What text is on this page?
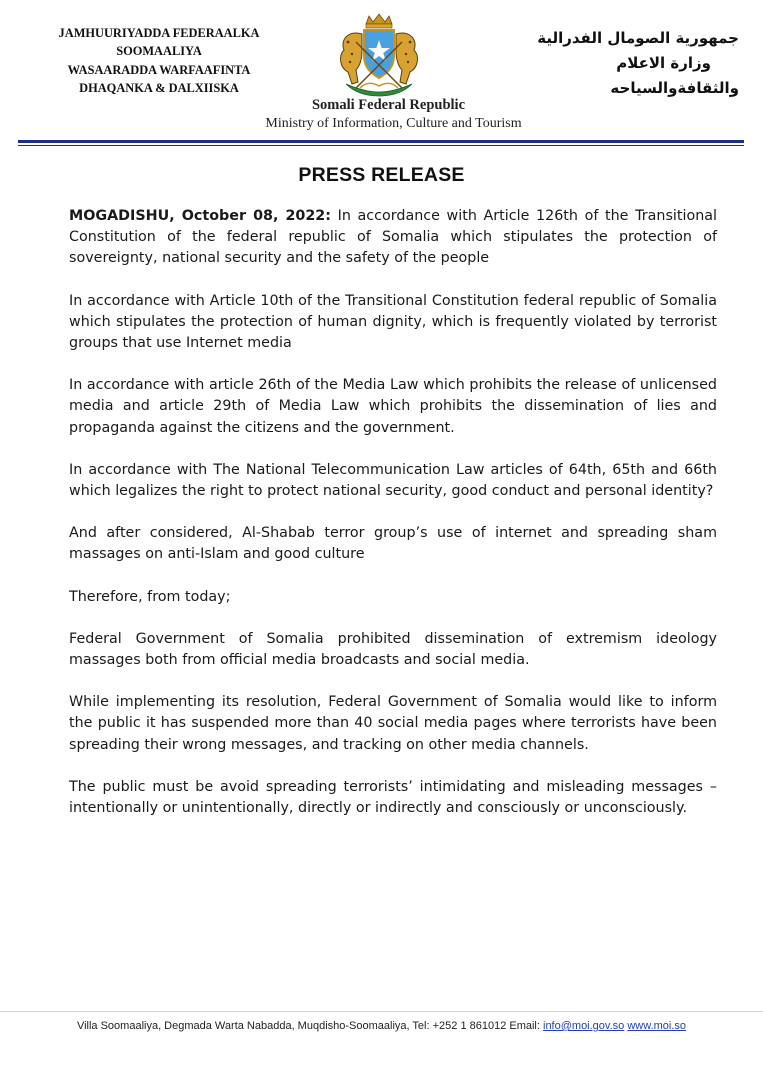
JAMHUURIYADDA FEDERAALKA
SOOMAALIYA
WASAARADDA WARFAAFINTA
DHAQANKA & DALXIISKA
جمهورية الصومال الفدرالية
وزارة الاعلام
والثقافةوالسياحه
Somali Federal Republic
Ministry of Information, Culture and Tourism
PRESS RELEASE

MOGADISHU, October 08, 2022: In accordance with Article 126th of the Transitional Constitution of the federal republic of Somalia which stipulates the protection of sovereignty, national security and the safety of the people

In accordance with Article 10th of the Transitional Constitution federal republic of Somalia which stipulates the protection of human dignity, which is frequently violated by terrorist groups that use Internet media

In accordance with article 26th of the Media Law which prohibits the release of unlicensed media and article 29th of Media Law which prohibits the dissemination of lies and propaganda against the citizens and the government.

In accordance with The National Telecommunication Law articles of 64th, 65th and 66th which legalizes the right to protect national security, good conduct and personal identity?

And after considered, Al-Shabab terror group’s use of internet and spreading sham massages on anti-Islam and good culture

Therefore, from today;

Federal Government of Somalia prohibited dissemination of extremism ideology massages both from official media broadcasts and social media.

While implementing its resolution, Federal Government of Somalia would like to inform the public it has suspended more than 40 social media pages where terrorists have been spreading their wrong messages, and tracking on other media channels.

The public must be avoid spreading terrorists’ intimidating and misleading messages – intentionally or unintentionally, directly or indirectly and consciously or unconsciously.

Villa Soomaaliya, Degmada Warta Nabadda, Muqdisho-Soomaaliya, Tel: +252 1 861012 Email: info@moi.gov.so www.moi.so
